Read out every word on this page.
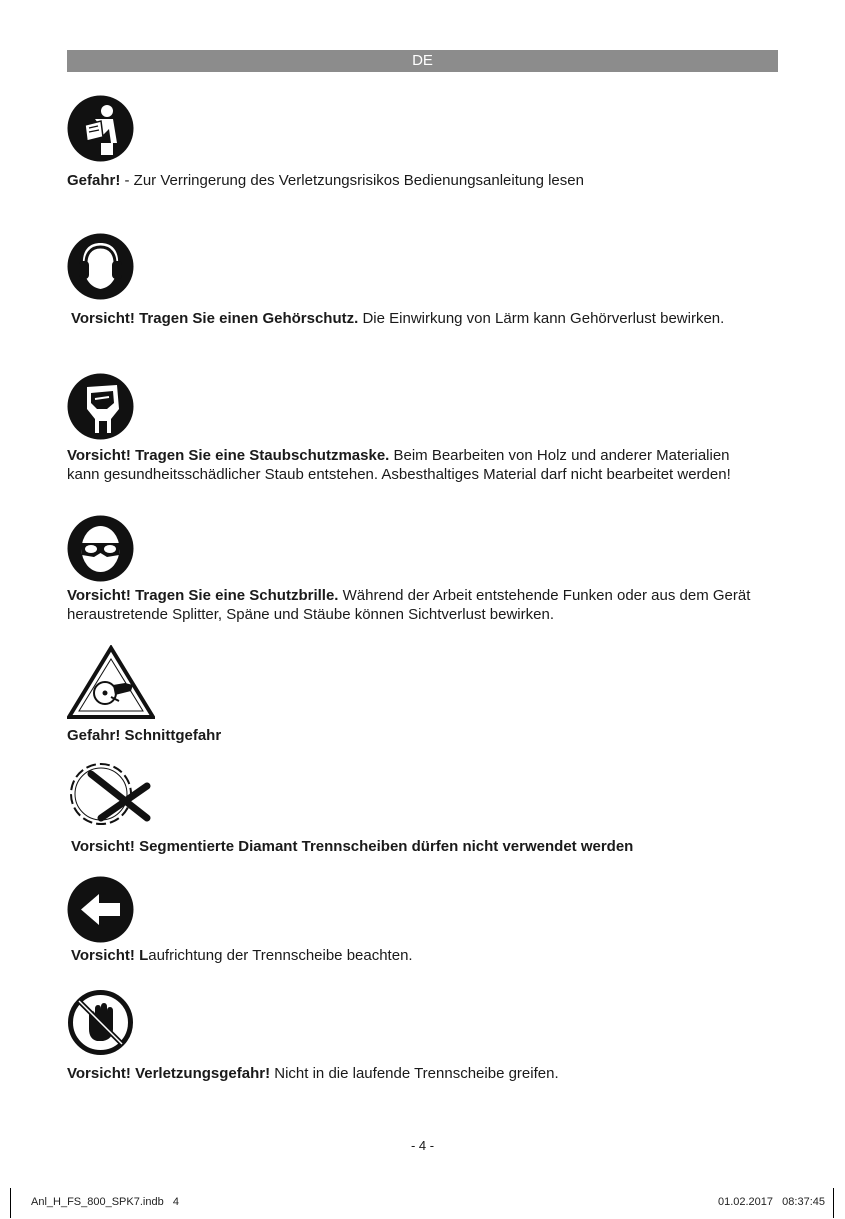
DE
Gefahr! - Zur Verringerung des Verletzungsrisikos Bedienungsanleitung lesen
Vorsicht! Tragen Sie einen Gehörschutz. Die Einwirkung von Lärm kann Gehörverlust bewirken.
Vorsicht! Tragen Sie eine Staubschutzmaske. Beim Bearbeiten von Holz und anderer Materialien
kann gesundheitsschädlicher Staub entstehen. Asbesthaltiges Material darf nicht bearbeitet werden!
Vorsicht! Tragen Sie eine Schutzbrille. Während der Arbeit entstehende Funken oder aus dem Gerät
heraustretende Splitter, Späne und Stäube können Sichtverlust bewirken.
Gefahr! Schnittgefahr
Vorsicht! Segmentierte Diamant Trennscheiben dürfen nicht verwendet werden
Vorsicht! Laufrichtung der Trennscheibe beachten.
Vorsicht! Verletzungsgefahr! Nicht in die laufende Trennscheibe greifen.
- 4 -
Anl_H_FS_800_SPK7.indb   4	01.02.2017   08:37:45
